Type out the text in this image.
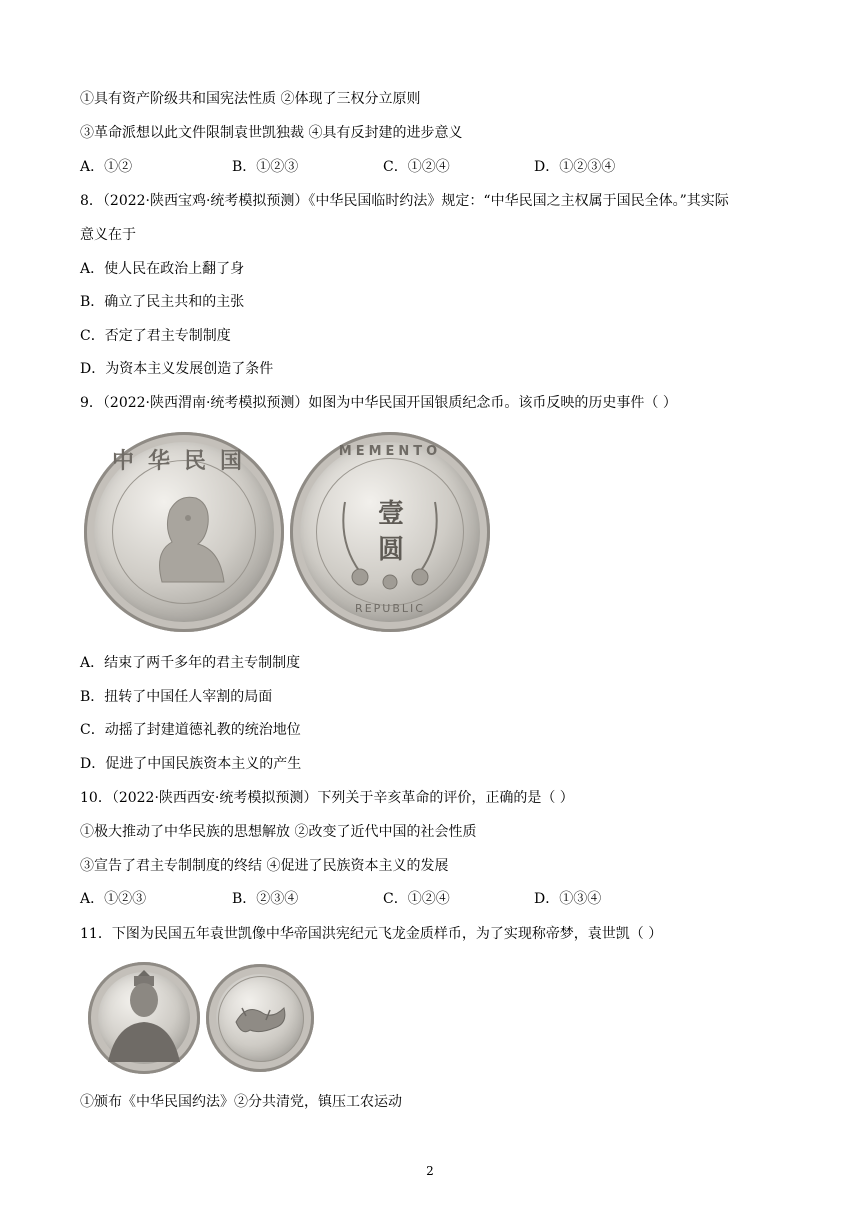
①具有资产阶级共和国宪法性质 ②体现了三权分立原则
③革命派想以此文件限制袁世凯独裁 ④具有反封建的进步意义
A．①②	B．①②③	C．①②④	D．①②③④
8．（2022·陕西宝鸡·统考模拟预测）《中华民国临时约法》规定：“中华民国之主权属于国民全体。”其实际
意义在于
A．使人民在政治上翻了身
B．确立了民主共和的主张
C．否定了君主专制制度
D．为资本主义发展创造了条件
9．（2022·陕西渭南·统考模拟预测）如图为中华民国开国银质纪念币。该币反映的历史事件（ ）
中华民国	MEMENTO
壹圆
REPUBLIC
A．结束了两千多年的君主专制制度
B．扭转了中国任人宰割的局面
C．动摇了封建道德礼教的统治地位
D．促进了中国民族资本主义的产生
10．（2022·陕西西安·统考模拟预测）下列关于辛亥革命的评价，正确的是（ ）
①极大推动了中华民族的思想解放 ②改变了近代中国的社会性质
③宣告了君主专制制度的终结 ④促进了民族资本主义的发展
A．①②③	B．②③④	C．①②④	D．①③④
11．下图为民国五年袁世凯像中华帝国洪宪纪元飞龙金质样币，为了实现称帝梦，袁世凯（ ）
①颁布《中华民国约法》②分共清党，镇压工农运动
2
